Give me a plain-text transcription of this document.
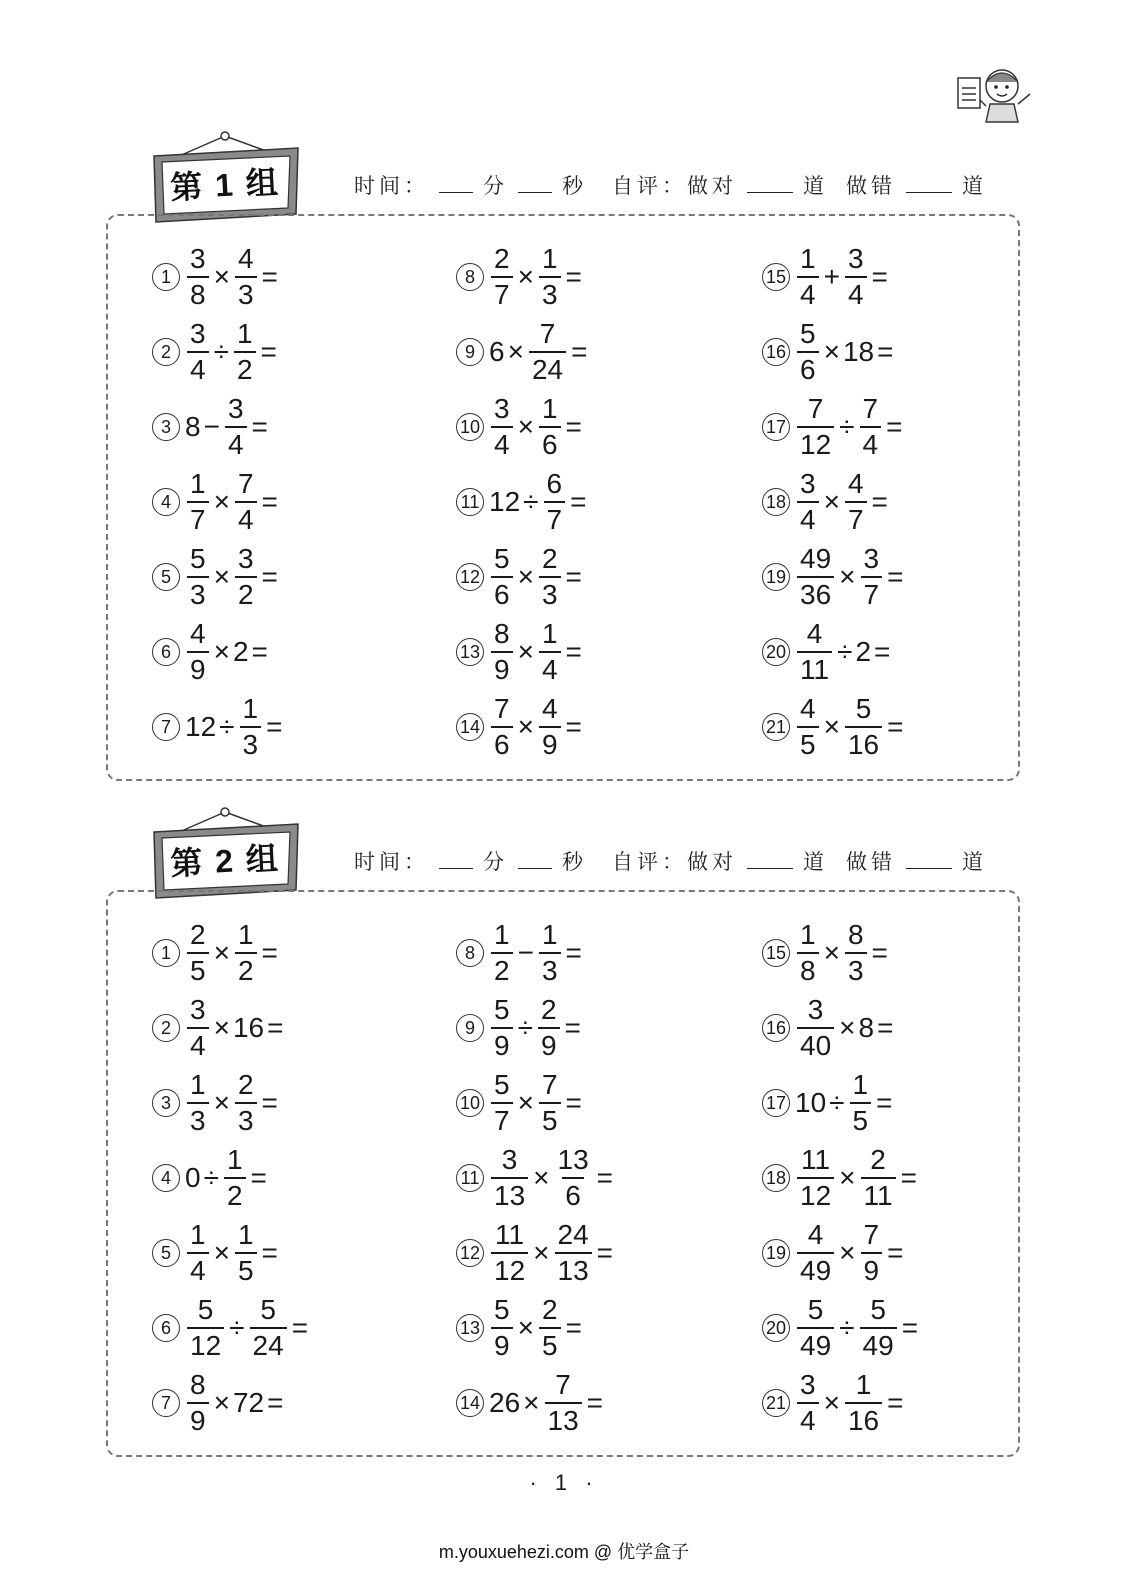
第 1 组	时间：	分	秒 自评：做对	道 做错	道
$1 \frac{3}{8} \times \frac{4}{3}$ =
$2 \frac{3}{4} \div \frac{1}{2}$ =
3 $8 - \frac{3}{4}$ =
$4 \frac{1}{7} \times \frac{7}{4}$ =
$5 \frac{5}{3} \times \frac{3}{2}$ =
$6 \frac{4}{9} \times 2$ =
7 $12 \div \frac{1}{3}$ =
$8 \frac{2}{7} \times \frac{1}{3}$ =
9 $6 \times \frac{7}{24}$ =
$10 \frac{3}{4} \times \frac{1}{6}$ =
11 $12 \div \frac{6}{7}$ =
$12 \frac{5}{6} \times \frac{2}{3}$ =
$13 \frac{8}{9} \times \frac{1}{4}$ =
$14 \frac{7}{6} \times \frac{4}{9}$ =
$15 \frac{1}{4} + \frac{3}{4}$ =
$16 \frac{5}{6} \times 18$ =
$17 \frac{7}{12} \div \frac{7}{4}$ =
$18 \frac{3}{4} \times \frac{4}{7}$ =
$19 \frac{49}{36} \times \frac{3}{7}$ =
$20 \frac{4}{11} \div 2$ =
$21 \frac{4}{5} \times \frac{5}{16}$ =
第 2 组	时间：	分	秒 自评：做对	道 做错	道
$1 \frac{2}{5} \times \frac{1}{2}$ =
$2 \frac{3}{4} \times 16$ =
$3 \frac{1}{3} \times \frac{2}{3}$ =
4 $0 \div \frac{1}{2}$ =
$5 \frac{1}{4} \times \frac{1}{5}$ =
$6 \frac{5}{12} \div \frac{5}{24}$ =
$7 \frac{8}{9} \times 72$ =
$8 \frac{1}{2} - \frac{1}{3}$ =
$9 \frac{5}{9} \div \frac{2}{9}$ =
$10 \frac{5}{7} \times \frac{7}{5}$ =
$11 \frac{3}{13} \times \frac{13}{6}$ =
$12 \frac{11}{12} \times \frac{24}{13}$ =
$13 \frac{5}{9} \times \frac{2}{5}$ =
14 $26 \times \frac{7}{13}$ =
$15 \frac{1}{8} \times \frac{8}{3}$ =
$16 \frac{3}{40} \times 8$ =
17 $10 \div \frac{1}{5}$ =
$18 \frac{11}{12} \times \frac{2}{11}$ =
$19 \frac{4}{49} \times \frac{7}{9}$ =
$20 \frac{5}{49} \div \frac{5}{49}$ =
$21 \frac{3}{4} \times \frac{1}{16}$ =
· 1 ·
m.youxuehezi.com @ 优学盒子
